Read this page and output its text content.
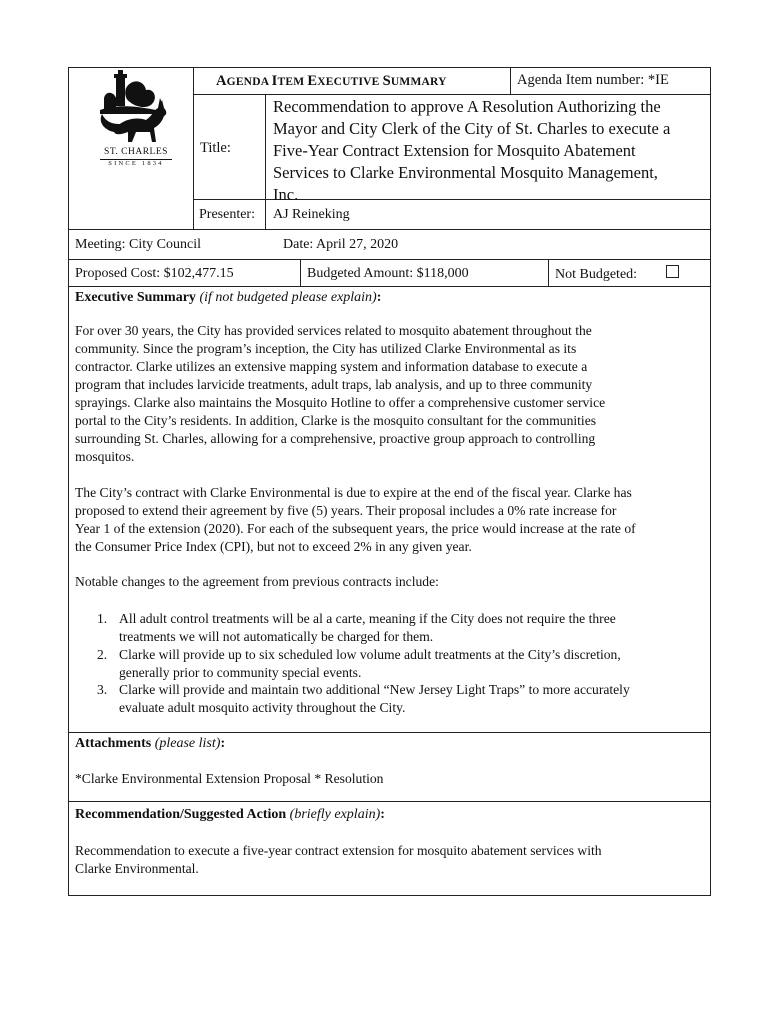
ST. CHARLES
SINCE 1834
AGENDA ITEM EXECUTIVE SUMMARY	Agenda Item number: *IE
Title:
Recommendation to approve A Resolution Authorizing the
Mayor and City Clerk of the City of St. Charles to execute a
Five-Year Contract Extension for Mosquito Abatement
Services to Clarke Environmental Mosquito Management,
Inc.
Presenter: AJ Reineking
Meeting: City Council	Date: April 27, 2020
Proposed Cost: $102,477.15	Budgeted Amount: $118,000	Not Budgeted:
Executive Summary (if not budgeted please explain):
For over 30 years, the City has provided services related to mosquito abatement throughout the
community. Since the program’s inception, the City has utilized Clarke Environmental as its
contractor. Clarke utilizes an extensive mapping system and information database to execute a
program that includes larvicide treatments, adult traps, lab analysis, and up to three community
sprayings. Clarke also maintains the Mosquito Hotline to offer a comprehensive customer service
portal to the City’s residents. In addition, Clarke is the mosquito consultant for the communities
surrounding St. Charles, allowing for a comprehensive, proactive group approach to controlling
mosquitos.
The City’s contract with Clarke Environmental is due to expire at the end of the fiscal year. Clarke has
proposed to extend their agreement by five (5) years. Their proposal includes a 0% rate increase for
Year 1 of the extension (2020). For each of the subsequent years, the price would increase at the rate of
the Consumer Price Index (CPI), but not to exceed 2% in any given year.
Notable changes to the agreement from previous contracts include:
1. All adult control treatments will be al a carte, meaning if the City does not require the three
treatments we will not automatically be charged for them.
2. Clarke will provide up to six scheduled low volume adult treatments at the City’s discretion,
generally prior to community special events.
3. Clarke will provide and maintain two additional “New Jersey Light Traps” to more accurately
evaluate adult mosquito activity throughout the City.
Attachments (please list):
*Clarke Environmental Extension Proposal * Resolution
Recommendation/Suggested Action (briefly explain):
Recommendation to execute a five-year contract extension for mosquito abatement services with
Clarke Environmental.
